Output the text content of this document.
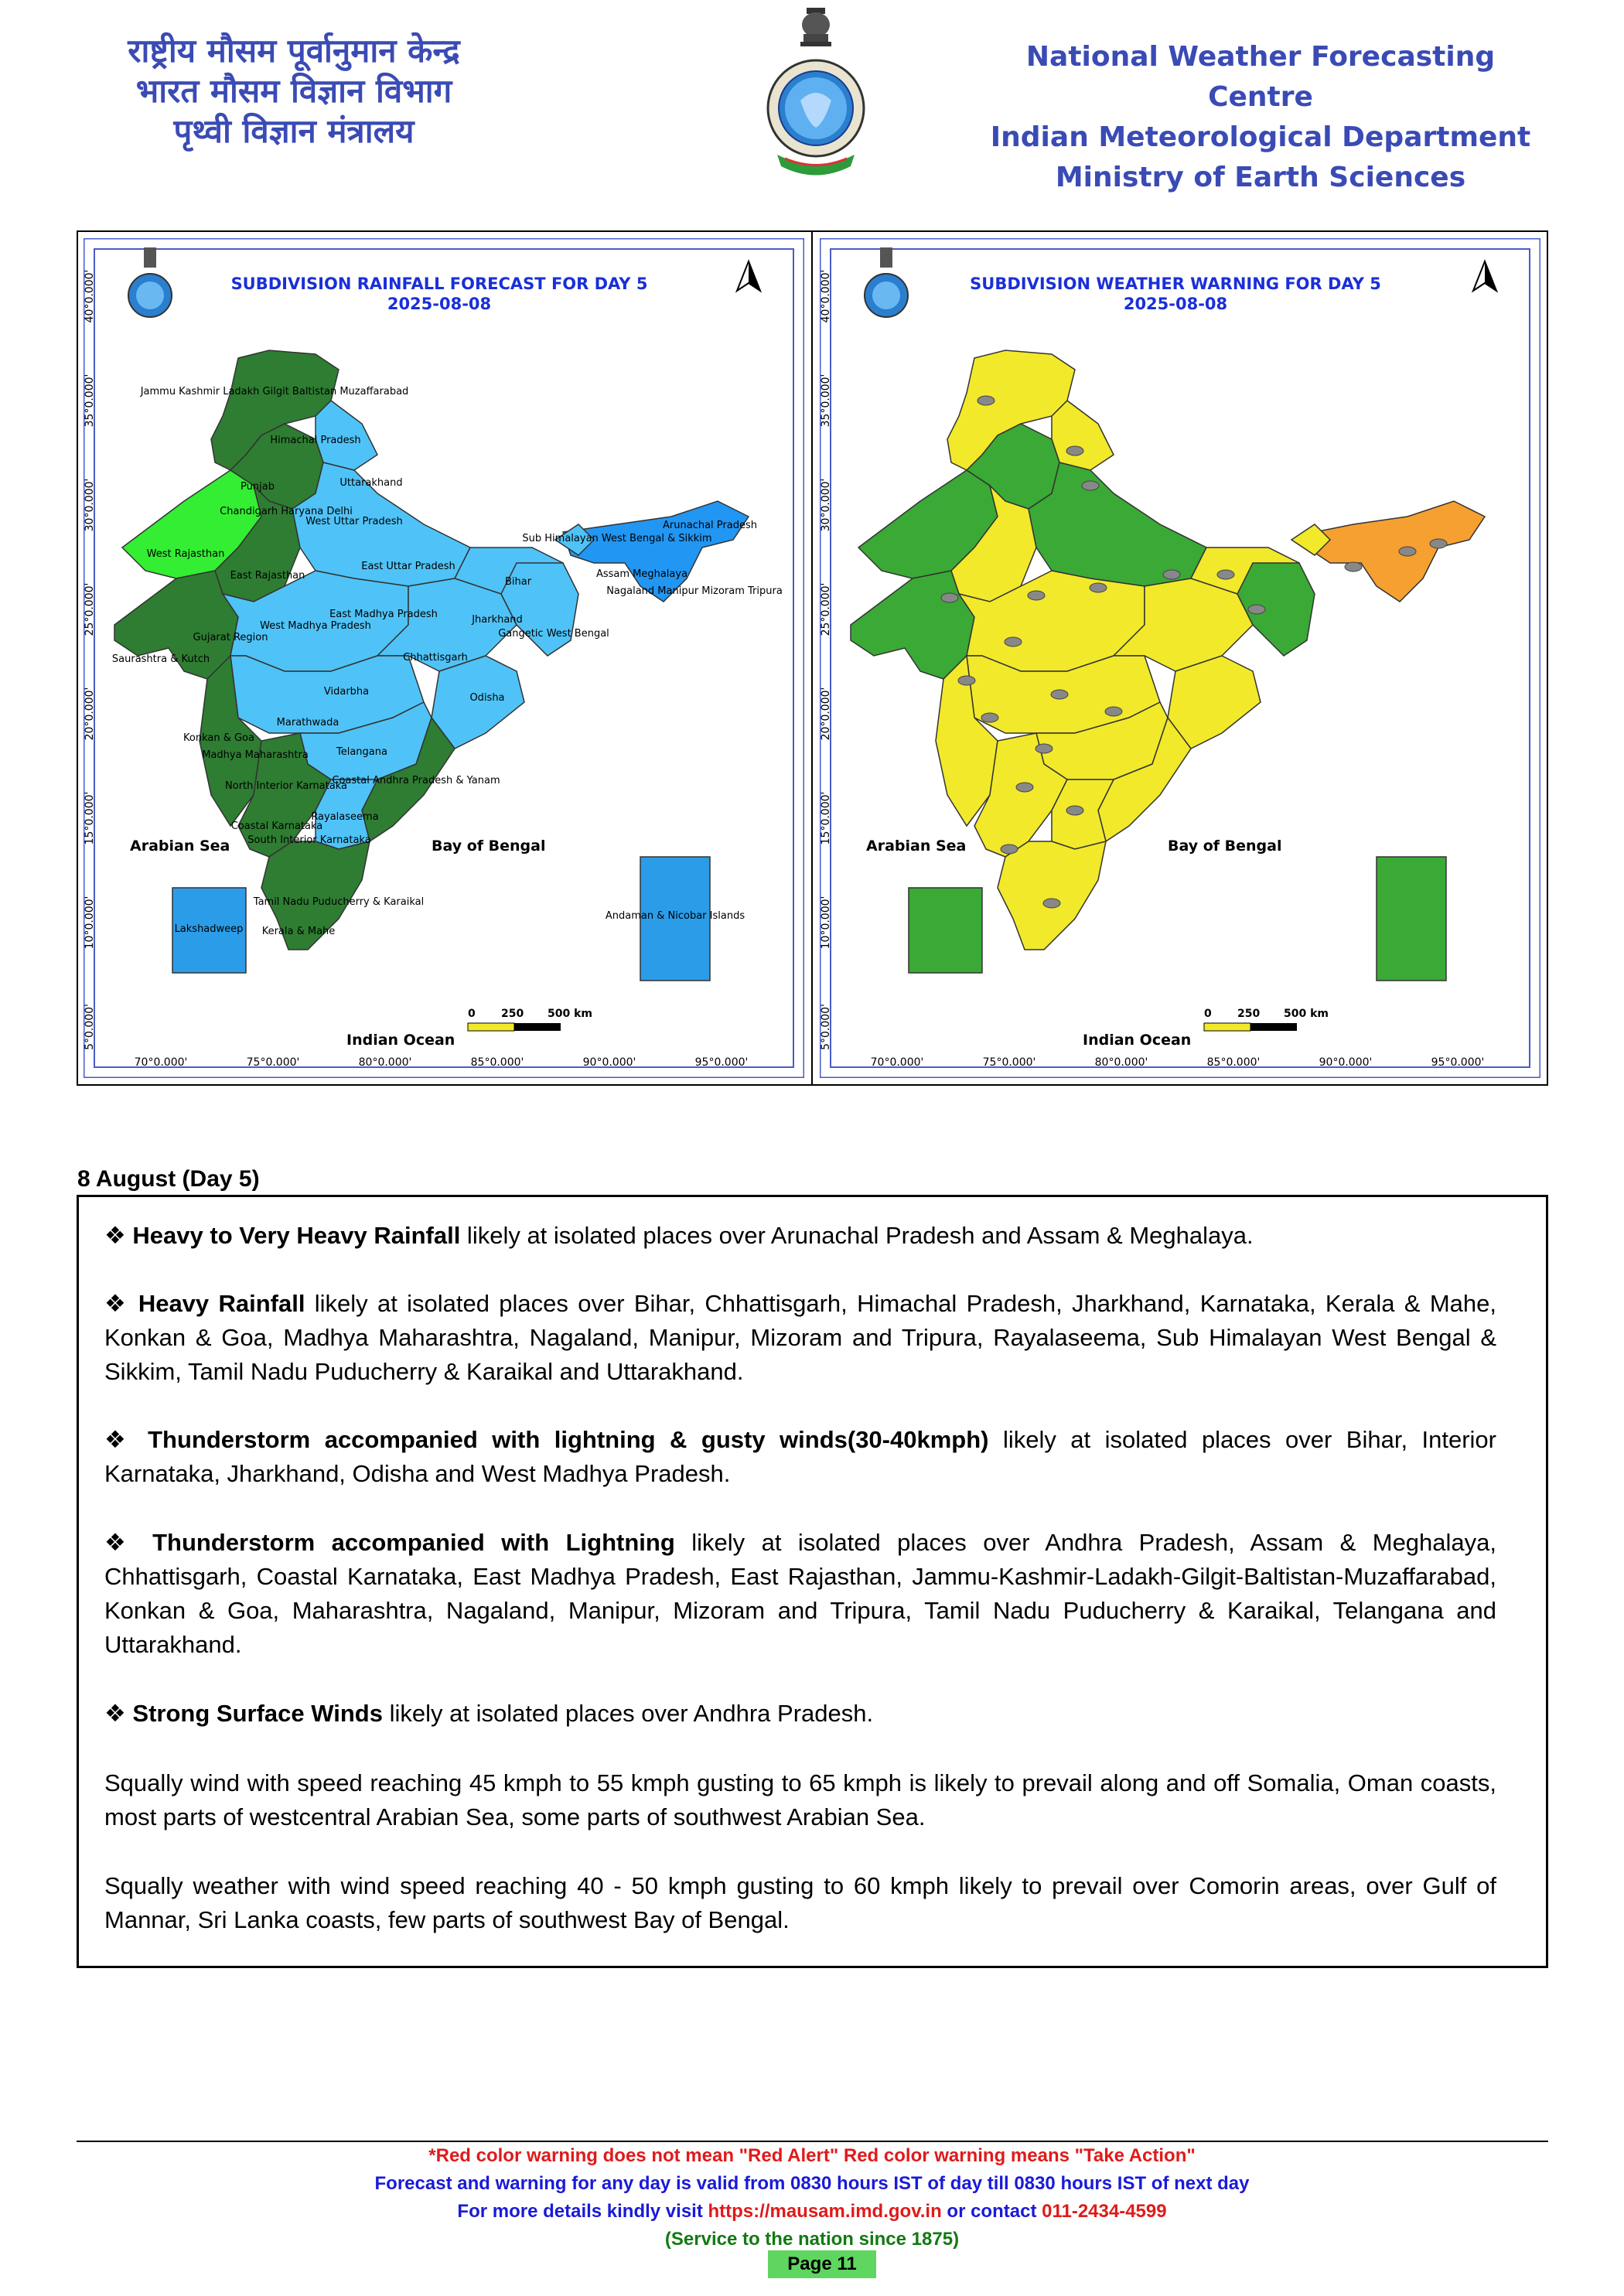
राष्ट्रीय मौसम पूर्वानुमान केन्द्र
भारत मौसम विज्ञान विभाग
पृथ्वी विज्ञान मंत्रालय
National Weather Forecasting Centre
Indian Meteorological Department
Ministry of Earth Sciences
SUBDIVISION RAINFALL FORECAST FOR DAY 5
2025-08-08
Lakshadweep
Andaman & Nicobar Islands
Jammu Kashmir Ladakh Gilgit Baltistan Muzaffarabad
Himachal Pradesh
Punjab	Uttarakhand
Chandigarh Haryana Delhi
West Uttar Pradesh
West Rajasthan
East Rajasthan
East Uttar Pradesh
Bihar
Sub Himalayan West Bengal & Sikkim
Arunachal Pradesh
Assam Meghalaya
Nagaland Manipur Mizoram Tripura
Gujarat Region
Saurashtra & Kutch
West Madhya Pradesh
East Madhya Pradesh	Jharkhand
Gangetic West Bengal
Chhattisgarh
Odisha
Vidarbha
Marathwada
Konkan & Goa
Madhya Maharashtra
North Interior Karnataka
Telangana
Coastal Andhra Pradesh & Yanam
Rayalaseema
Coastal Karnataka
South Interior Karnataka
Tamil Nadu Puducherry & Karaikal
Kerala & Mahe
Arabian Sea	Bay of Bengal
Indian Ocean
0 250 500 km
70°0.000'	75°0.000'	80°0.000'	85°0.000'	90°0.000'	95°0.000'
40°0.000'
35°0.000'
30°0.000'
25°0.000'
20°0.000'
15°0.000'
10°0.000'
5°0.000'
SUBDIVISION WEATHER WARNING FOR DAY 5
2025-08-08
Arabian Sea	Bay of Bengal
Indian Ocean
0 250 500 km
70°0.000'	75°0.000'	80°0.000'	85°0.000'	90°0.000'	95°0.000'
40°0.000'
35°0.000'
30°0.000'
25°0.000'
20°0.000'
15°0.000'
10°0.000'
5°0.000'
8 August (Day 5)
❖ Heavy to Very Heavy Rainfall likely at isolated places over Arunachal Pradesh and Assam & Meghalaya.
❖ Heavy Rainfall likely at isolated places over Bihar, Chhattisgarh, Himachal Pradesh, Jharkhand, Karnataka, Kerala & Mahe, Konkan & Goa, Madhya Maharashtra, Nagaland, Manipur, Mizoram and Tripura, Rayalaseema, Sub Himalayan West Bengal & Sikkim, Tamil Nadu Puducherry & Karaikal and Uttarakhand.
❖ Thunderstorm accompanied with lightning & gusty winds(30-40kmph) likely at isolated places over Bihar, Interior Karnataka, Jharkhand, Odisha and West Madhya Pradesh.
❖ Thunderstorm accompanied with Lightning likely at isolated places over Andhra Pradesh, Assam & Meghalaya, Chhattisgarh, Coastal Karnataka, East Madhya Pradesh, East Rajasthan, Jammu-Kashmir-Ladakh-Gilgit-Baltistan-Muzaffarabad, Konkan & Goa, Maharashtra, Nagaland, Manipur, Mizoram and Tripura, Tamil Nadu Puducherry & Karaikal, Telangana and Uttarakhand.
❖ Strong Surface Winds likely at isolated places over Andhra Pradesh.
Squally wind with speed reaching 45 kmph to 55 kmph gusting to 65 kmph is likely to prevail along and off Somalia, Oman coasts, most parts of westcentral Arabian Sea, some parts of southwest Arabian Sea.
Squally weather with wind speed reaching 40 - 50 kmph gusting to 60 kmph likely to prevail over Comorin areas, over Gulf of Mannar, Sri Lanka coasts, few parts of southwest Bay of Bengal.
*Red color warning does not mean "Red Alert" Red color warning means "Take Action"
Forecast and warning for any day is valid from 0830 hours IST of day till 0830 hours IST of next day
For more details kindly visit https://mausam.imd.gov.in or contact 011-2434-4599
(Service to the nation since 1875)
Page 11
